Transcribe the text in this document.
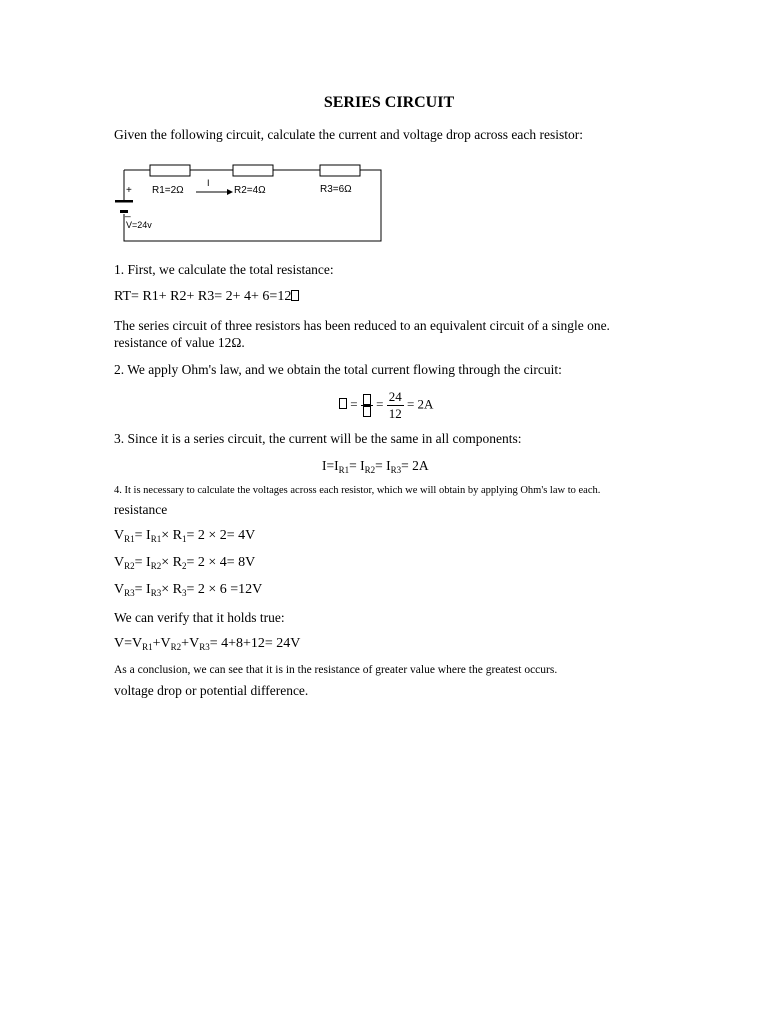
SERIES CIRCUIT
Given the following circuit, calculate the current and voltage drop across each resistor:
+
_
R1=2Ω
I
R2=4Ω	R3=6Ω
V=24v
1. First, we calculate the total resistance:
RT= R1+ R2+ R3= 2+ 4+ 6=12
The series circuit of three resistors has been reduced to an equivalent circuit of a single one.
resistance of value 12Ω.
2. We apply Ohm's law, and we obtain the total current flowing through the circuit:
= = $\frac{24}{12} = 2A$
3. Since it is a series circuit, the current will be the same in all components:
$I=I_{R1}= I_{R2}= I_{R3}= 2A$
4. It is necessary to calculate the voltages across each resistor, which we will obtain by applying Ohm's law to each.
resistance
$V_{R1}= I_{R1}\times R_1= 2 \times 2= 4V$
$V_{R2}= I_{R2}\times R_2= 2 \times 4= 8V$
$V_{R3}= I_{R3}\times R_3= 2 \times 6 =12V$
We can verify that it holds true:
$V=V_{R1}+V_{R2}+V_{R3}= 4+8+12= 24V$
As a conclusion, we can see that it is in the resistance of greater value where the greatest occurs.
voltage drop or potential difference.
